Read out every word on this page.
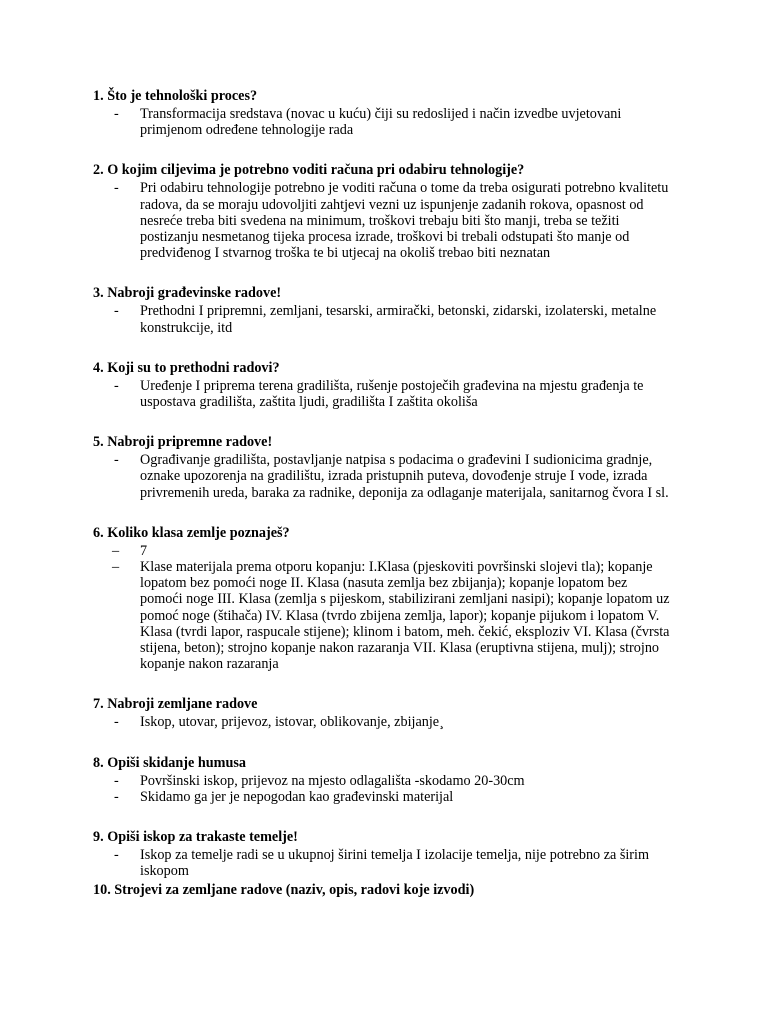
1. Što je tehnološki proces?
-	Transformacija sredstava (novac u kuću) čiji su redoslijed i način izvedbe uvjetovani primjenom određene tehnologije rada
2. O kojim ciljevima je potrebno voditi računa pri odabiru tehnologije?
-	Pri odabiru tehnologije potrebno je voditi računa o tome da treba osigurati potrebno kvalitetu radova, da se moraju udovoljiti zahtjevi vezni uz ispunjenje zadanih rokova, opasnost od nesreće treba biti svedena na minimum, troškovi trebaju biti što manji, treba se težiti postizanju nesmetanog tijeka procesa izrade, troškovi bi trebali odstupati što manje od predviđenog I stvarnog troška te bi utjecaj na okoliš trebao biti neznatan
3. Nabroji građevinske radove!
-	Prethodni I pripremni, zemljani, tesarski, armirački, betonski, zidarski, izolaterski, metalne konstrukcije, itd
4. Koji su to prethodni radovi?
-	Uređenje I priprema terena gradilišta, rušenje postoječih građevina na mjestu građenja te uspostava gradilišta, zaštita ljudi, gradilišta I zaštita okoliša
5. Nabroji pripremne radove!
-	Ograđivanje gradilišta, postavljanje natpisa s podacima o građevini I sudionicima gradnje, oznake upozorenja na gradilištu, izrada pristupnih puteva, dovođenje struje I vode, izrada privremenih ureda, baraka za radnike, deponija za odlaganje materijala, sanitarnog čvora I sl.
6. Koliko klasa zemlje poznaješ?
–	7
–	Klase materijala prema otporu kopanju: I.Klasa (pjeskoviti površinski slojevi tla); kopanje lopatom bez pomoći noge II. Klasa (nasuta zemlja bez zbijanja); kopanje lopatom bez pomoći noge III. Klasa (zemlja s pijeskom, stabilizirani zemljani nasipi); kopanje lopatom uz pomoć noge (štihača) IV. Klasa (tvrdo zbijena zemlja, lapor); kopanje pijukom i lopatom V. Klasa (tvrdi lapor, raspucale stijene); klinom i batom, meh. čekić, eksploziv VI. Klasa (čvrsta stijena, beton); strojno kopanje nakon razaranja VII. Klasa (eruptivna stijena, mulj); strojno kopanje nakon razaranja
7. Nabroji zemljane radove
-	Iskop, utovar, prijevoz, istovar, oblikovanje, zbijanje¸
8. Opiši skidanje humusa
-	Površinski iskop, prijevoz na mjesto odlagališta -skodamo 20-30cm
-	Skidamo ga jer je nepogodan kao građevinski materijal
9. Opiši iskop za trakaste temelje!
-	Iskop za temelje radi se u ukupnoj širini temelja I izolacije temelja, nije potrebno za širim iskopom
10. Strojevi za zemljane radove (naziv, opis, radovi koje izvodi)
